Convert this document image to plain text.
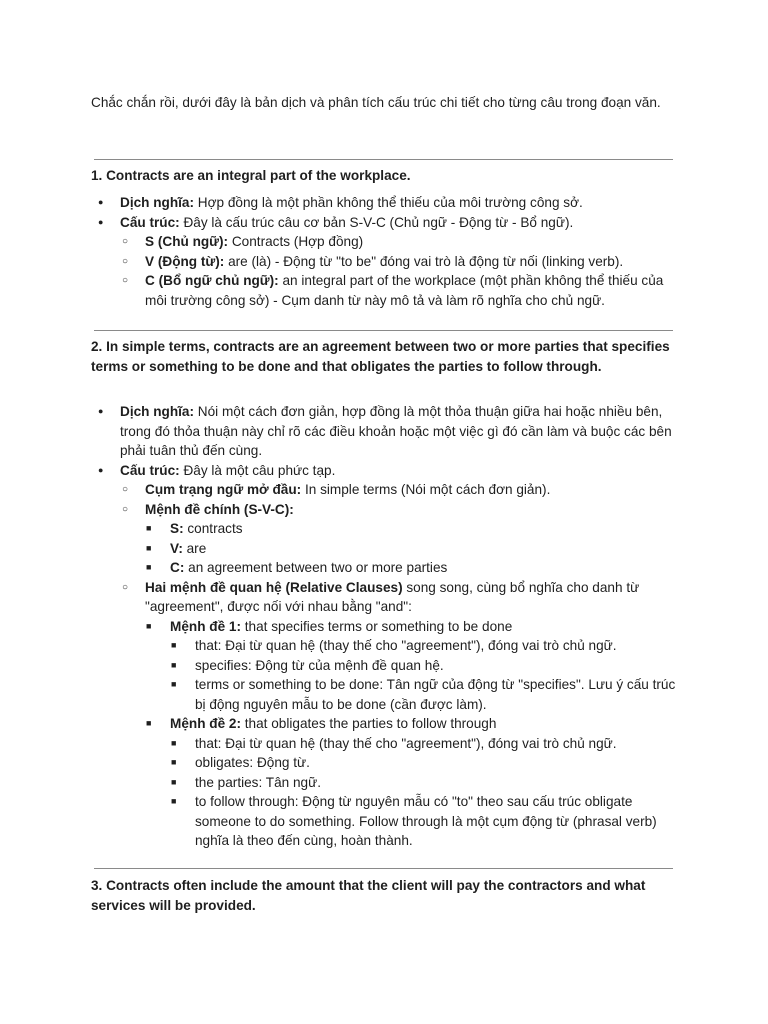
Chắc chắn rồi, dưới đây là bản dịch và phân tích cấu trúc chi tiết cho từng câu trong đoạn văn.
1. Contracts are an integral part of the workplace.
● Dịch nghĩa: Hợp đồng là một phần không thể thiếu của môi trường công sở.
● Cấu trúc: Đây là cấu trúc câu cơ bản S-V-C (Chủ ngữ - Động từ - Bổ ngữ).
○ S (Chủ ngữ): Contracts (Hợp đồng)
○ V (Động từ): are (là) - Động từ "to be" đóng vai trò là động từ nối (linking verb).
○ C (Bổ ngữ chủ ngữ): an integral part of the workplace (một phần không thể thiếu của môi trường công sở) - Cụm danh từ này mô tả và làm rõ nghĩa cho chủ ngữ.
2. In simple terms, contracts are an agreement between two or more parties that specifies terms or something to be done and that obligates the parties to follow through.
● Dịch nghĩa: Nói một cách đơn giản, hợp đồng là một thỏa thuận giữa hai hoặc nhiều bên, trong đó thỏa thuận này chỉ rõ các điều khoản hoặc một việc gì đó cần làm và buộc các bên phải tuân thủ đến cùng.
● Cấu trúc: Đây là một câu phức tạp.
○ Cụm trạng ngữ mở đầu: In simple terms (Nói một cách đơn giản).
○ Mệnh đề chính (S-V-C):
■ S: contracts
■ V: are
■ C: an agreement between two or more parties
○ Hai mệnh đề quan hệ (Relative Clauses) song song, cùng bổ nghĩa cho danh từ "agreement", được nối với nhau bằng "and":
■ Mệnh đề 1: that specifies terms or something to be done
■ that: Đại từ quan hệ (thay thế cho "agreement"), đóng vai trò chủ ngữ.
■ specifies: Động từ của mệnh đề quan hệ.
■ terms or something to be done: Tân ngữ của động từ "specifies". Lưu ý cấu trúc bị động nguyên mẫu to be done (cần được làm).
■ Mệnh đề 2: that obligates the parties to follow through
■ that: Đại từ quan hệ (thay thế cho "agreement"), đóng vai trò chủ ngữ.
■ obligates: Động từ.
■ the parties: Tân ngữ.
■ to follow through: Động từ nguyên mẫu có "to" theo sau cấu trúc obligate someone to do something. Follow through là một cụm động từ (phrasal verb) nghĩa là theo đến cùng, hoàn thành.
3. Contracts often include the amount that the client will pay the contractors and what services will be provided.
